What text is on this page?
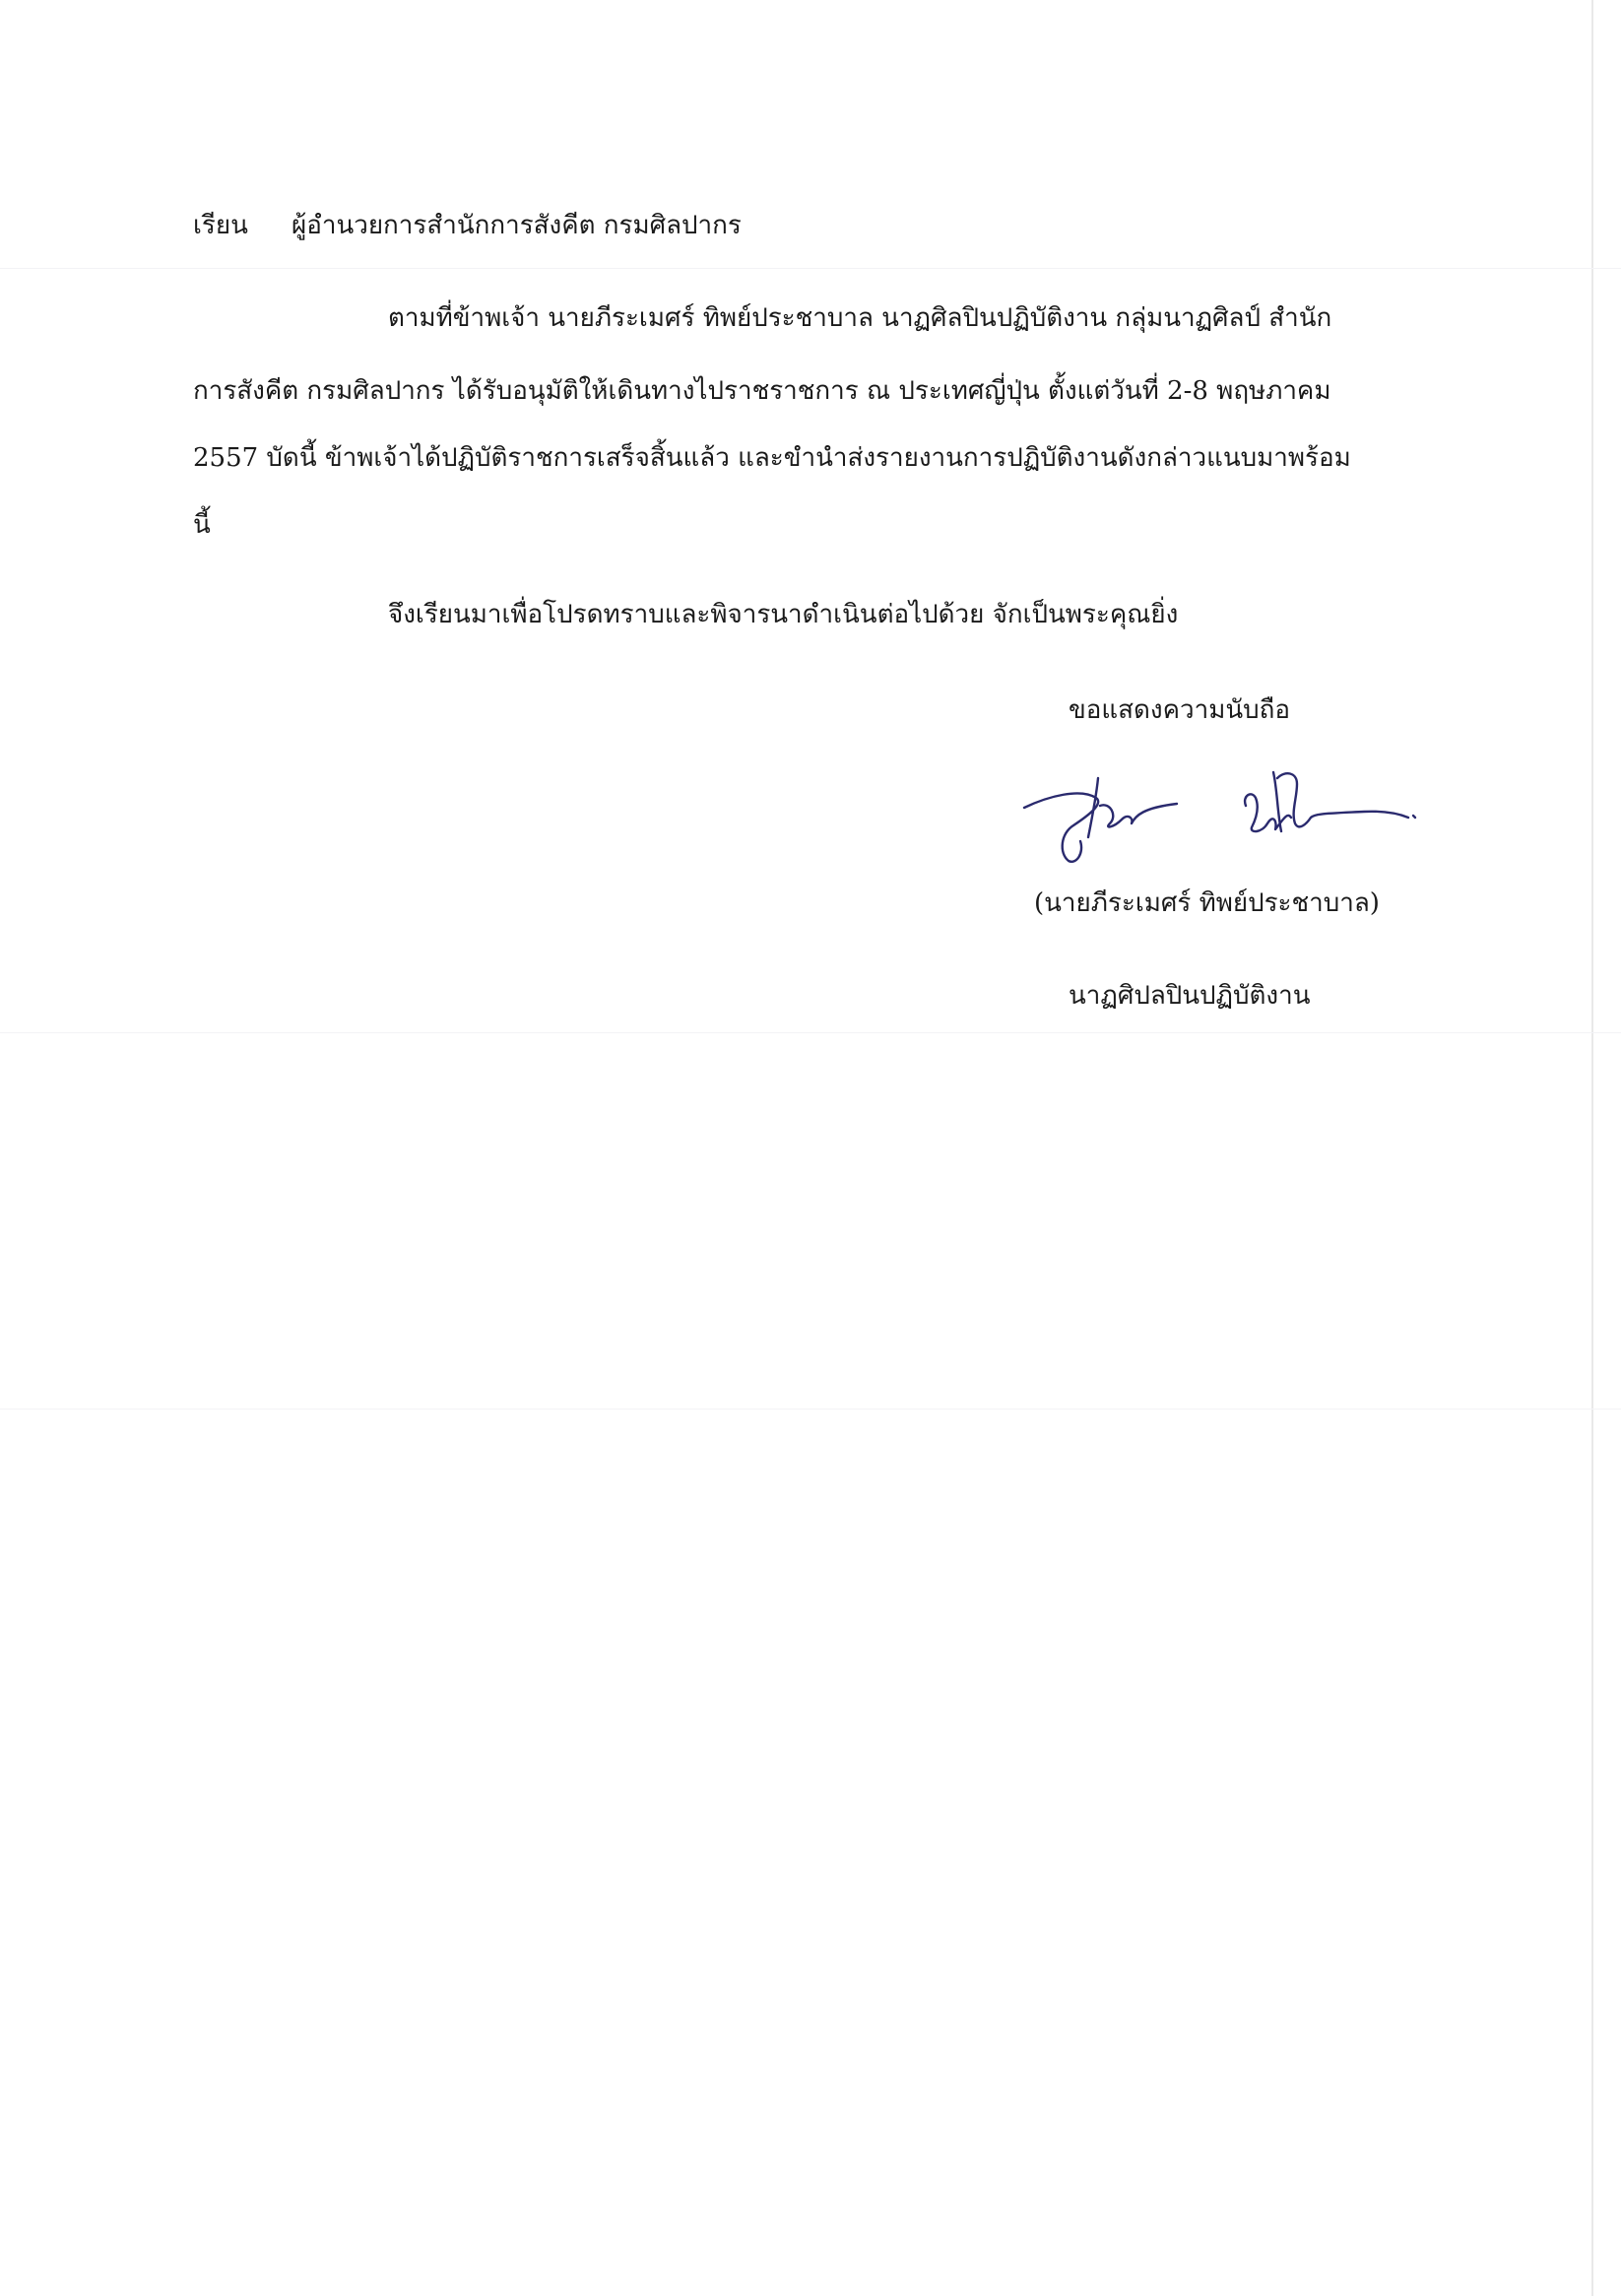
เรียน ผู้อำนวยการสำนักการสังคีต กรมศิลปากร
ตามที่ข้าพเจ้า นายภีระเมศร์ ทิพย์ประชาบาล นาฏศิลปินปฏิบัติงาน กลุ่มนาฏศิลป์ สำนัก
การสังคีต กรมศิลปากร ได้รับอนุมัติให้เดินทางไปราชราชการ ณ ประเทศญี่ปุ่น ตั้งแต่วันที่ 2-8 พฤษภาคม
2557 บัดนี้ ข้าพเจ้าได้ปฏิบัติราชการเสร็จสิ้นแล้ว และขำนำส่งรายงานการปฏิบัติงานดังกล่าวแนบมาพร้อม
นี้
จึงเรียนมาเพื่อโปรดทราบและพิจารนาดำเนินต่อไปด้วย จักเป็นพระคุณยิ่ง
ขอแสดงความนับถือ
(นายภีระเมศร์ ทิพย์ประชาบาล)
นาฏศิปลปินปฏิบัติงาน
